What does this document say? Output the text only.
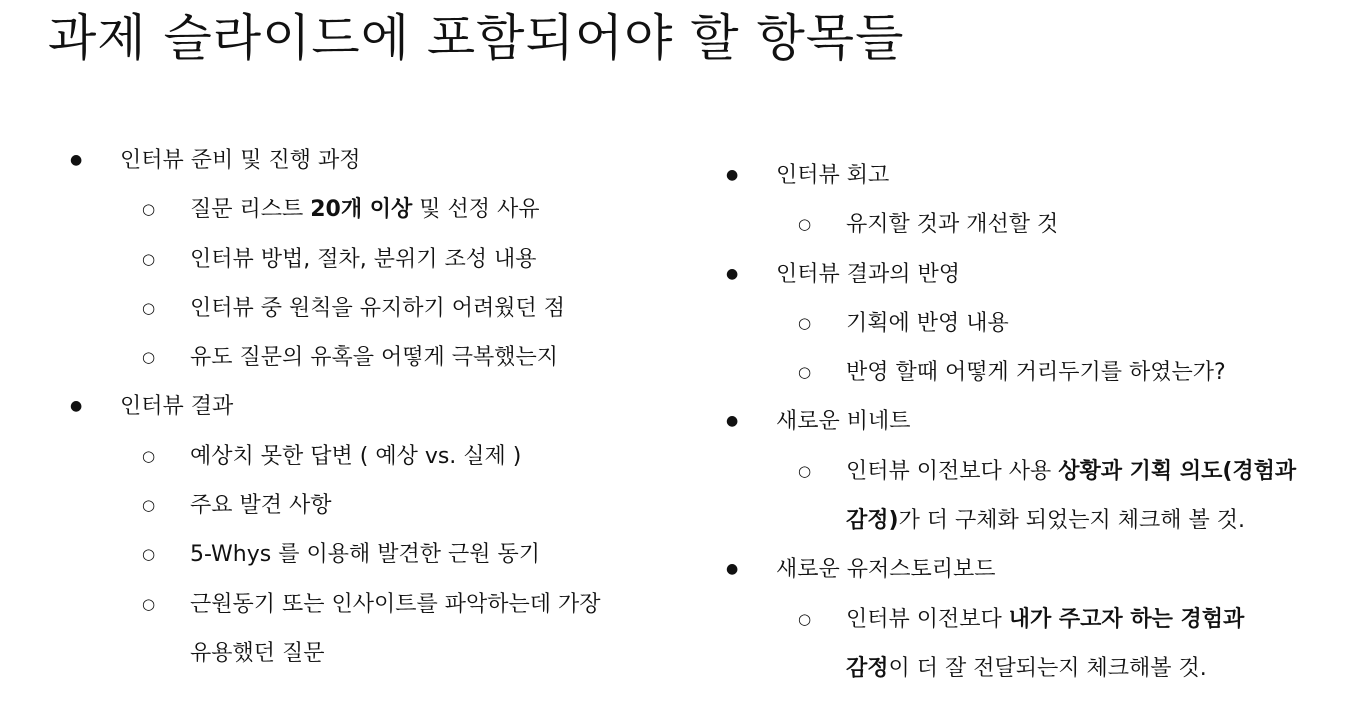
과제 슬라이드에 포함되어야 할 항목들
●	인터뷰 준비 및 진행 과정
○	질문 리스트 20개 이상 및 선정 사유
○	인터뷰 방법, 절차, 분위기 조성 내용
○	인터뷰 중 원칙을 유지하기 어려웠던 점
○	유도 질문의 유혹을 어떻게 극복했는지
●	인터뷰 결과
○	예상치 못한 답변 ( 예상 vs. 실제 )
○	주요 발견 사항
○	5-Whys 를 이용해 발견한 근원 동기
○	근원동기 또는 인사이트를 파악하는데 가장
유용했던 질문
●	인터뷰 회고
○	유지할 것과 개선할 것
●	인터뷰 결과의 반영
○	기획에 반영 내용
○	반영 할때 어떻게 거리두기를 하였는가?
●	새로운 비네트
○	인터뷰 이전보다 사용 상황과 기획 의도(경험과
감정)가 더 구체화 되었는지 체크해 볼 것.
●	새로운 유저스토리보드
○	인터뷰 이전보다 내가 주고자 하는 경험과
감정이 더 잘 전달되는지 체크해볼 것.
